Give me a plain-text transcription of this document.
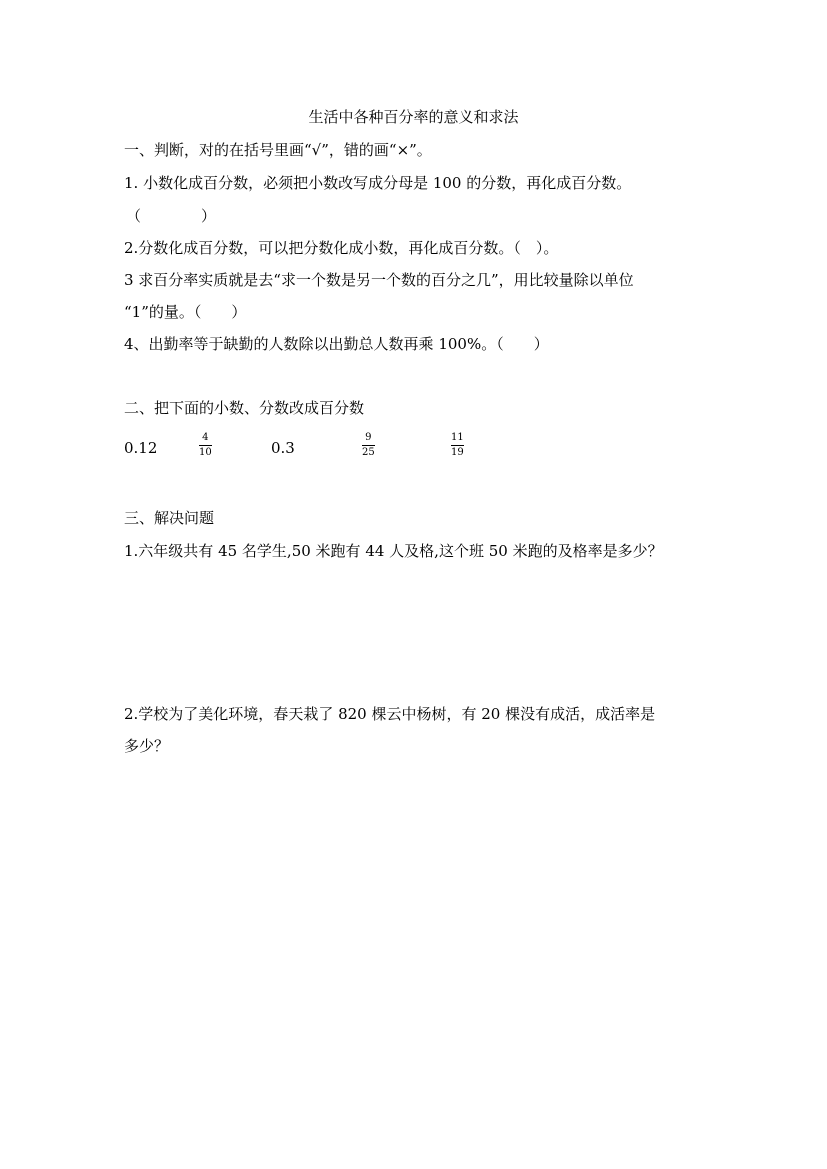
生活中各种百分率的意义和求法
一、判断，对的在括号里画“√”，错的画“×”。
1. 小数化成百分数，必须把小数改写成分母是 100 的分数，再化成百分数。
（　　　　）
2.分数化成百分数，可以把分数化成小数，再化成百分数。（　）。
3 求百分率实质就是去“求一个数是另一个数的百分之几”，用比较量除以单位
“1”的量。（　　）
4、出勤率等于缺勤的人数除以出勤总人数再乘 100%。（　　）
二、把下面的小数、分数改成百分数
0.12
4
10	0.3
9
25
11
19
三、解决问题
1.六年级共有 45 名学生,50 米跑有 44 人及格,这个班 50 米跑的及格率是多少？
2.学校为了美化环境，春天栽了 820 棵云中杨树，有 20 棵没有成活，成活率是
多少？
